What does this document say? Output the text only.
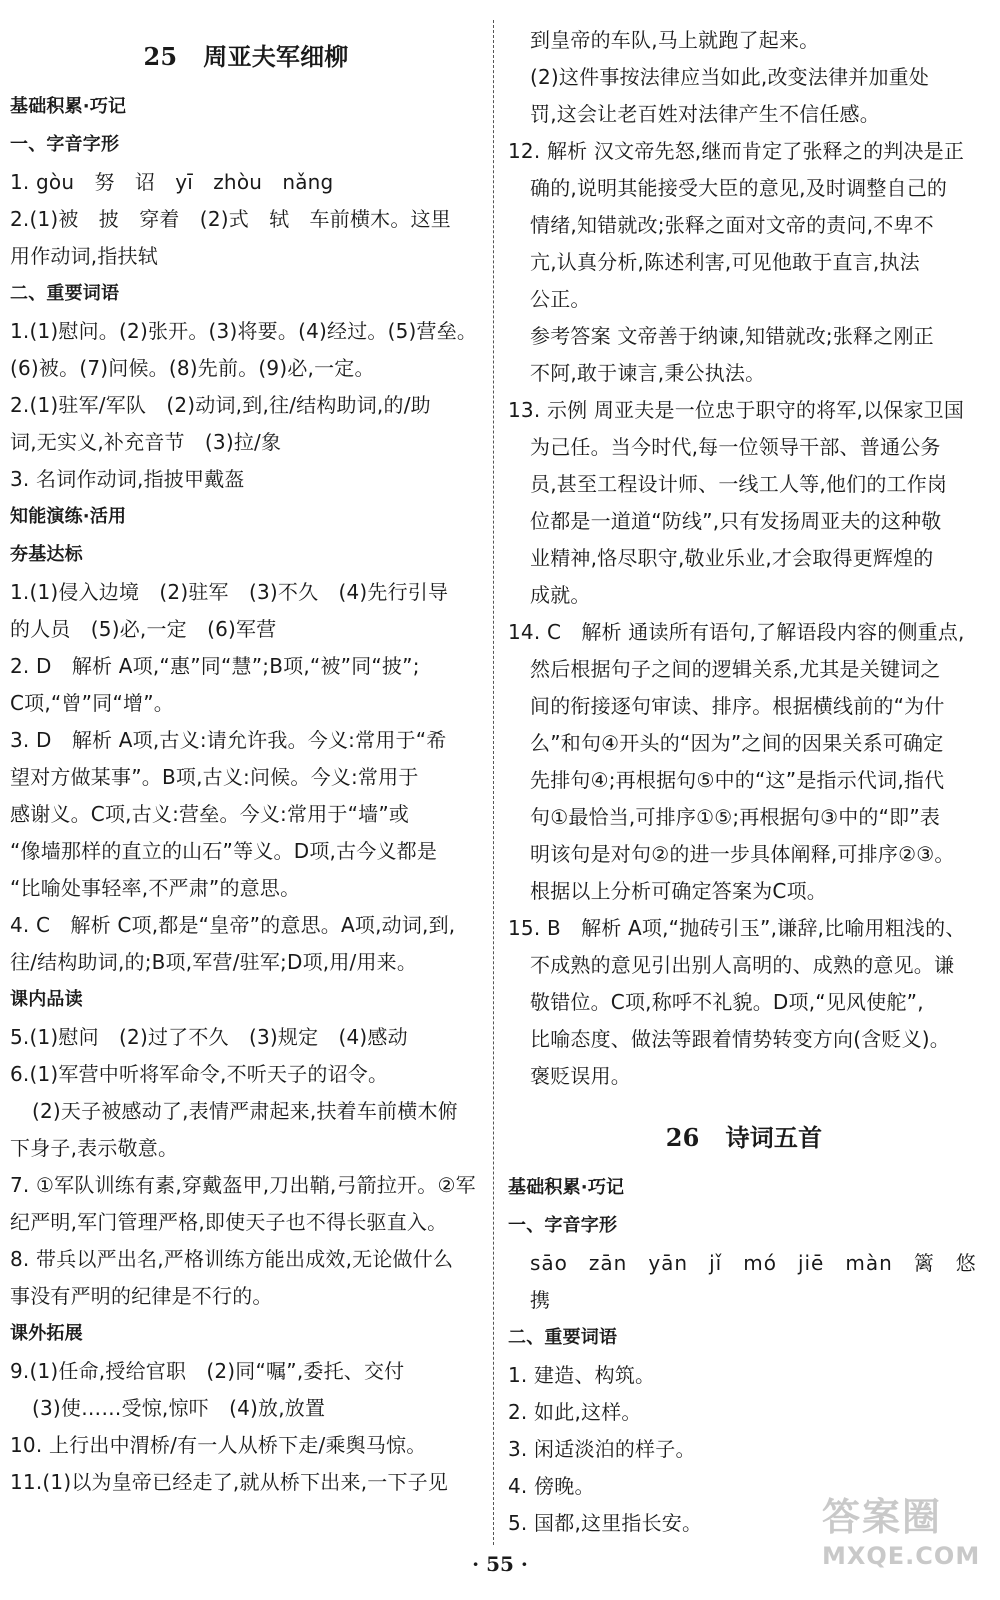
25 周亚夫军细柳
基础积累·巧记
一、字音字形
1. gòu　努　诏　yī　zhòu　nǎng
2.(1)被　披　穿着　(2)式　轼　车前横木。这里
用作动词,指扶轼
二、重要词语
1.(1)慰问。(2)张开。(3)将要。(4)经过。(5)营垒。
(6)被。(7)问候。(8)先前。(9)必,一定。
2.(1)驻军/军队　(2)动词,到,往/结构助词,的/助
词,无实义,补充音节　(3)拉/象
3. 名词作动词,指披甲戴盔
知能演练·活用
夯基达标
1.(1)侵入边境　(2)驻军　(3)不久　(4)先行引导
的人员　(5)必,一定　(6)军营
2. D　解析 A项,“惠”同“慧”;B项,“被”同“披”;
C项,“曾”同“增”。
3. D　解析 A项,古义:请允许我。今义:常用于“希
望对方做某事”。B项,古义:问候。今义:常用于
感谢义。C项,古义:营垒。今义:常用于“墙”或
“像墙那样的直立的山石”等义。D项,古今义都是
“比喻处事轻率,不严肃”的意思。
4. C　解析 C项,都是“皇帝”的意思。A项,动词,到,
往/结构助词,的;B项,军营/驻军;D项,用/用来。
课内品读
5.(1)慰问　(2)过了不久　(3)规定　(4)感动
6.(1)军营中听将军命令,不听天子的诏令。
(2)天子被感动了,表情严肃起来,扶着车前横木俯
下身子,表示敬意。
7. ①军队训练有素,穿戴盔甲,刀出鞘,弓箭拉开。②军
纪严明,军门管理严格,即使天子也不得长驱直入。
8. 带兵以严出名,严格训练方能出成效,无论做什么
事没有严明的纪律是不行的。
课外拓展
9.(1)任命,授给官职　(2)同“嘱”,委托、交付
(3)使……受惊,惊吓　(4)放,放置
10. 上行出中渭桥/有一人从桥下走/乘舆马惊。
11.(1)以为皇帝已经走了,就从桥下出来,一下子见
到皇帝的车队,马上就跑了起来。
(2)这件事按法律应当如此,改变法律并加重处
罚,这会让老百姓对法律产生不信任感。
12. 解析 汉文帝先怒,继而肯定了张释之的判决是正
确的,说明其能接受大臣的意见,及时调整自己的
情绪,知错就改;张释之面对文帝的责问,不卑不
亢,认真分析,陈述利害,可见他敢于直言,执法
公正。
参考答案 文帝善于纳谏,知错就改;张释之刚正
不阿,敢于谏言,秉公执法。
13. 示例 周亚夫是一位忠于职守的将军,以保家卫国
为己任。当今时代,每一位领导干部、普通公务
员,甚至工程设计师、一线工人等,他们的工作岗
位都是一道道“防线”,只有发扬周亚夫的这种敬
业精神,恪尽职守,敬业乐业,才会取得更辉煌的
成就。
14. C　解析 通读所有语句,了解语段内容的侧重点,
然后根据句子之间的逻辑关系,尤其是关键词之
间的衔接逐句审读、排序。根据横线前的“为什
么”和句④开头的“因为”之间的因果关系可确定
先排句④;再根据句⑤中的“这”是指示代词,指代
句①最恰当,可排序①⑤;再根据句③中的“即”表
明该句是对句②的进一步具体阐释,可排序②③。
根据以上分析可确定答案为C项。
15. B　解析 A项,“抛砖引玉”,谦辞,比喻用粗浅的、
不成熟的意见引出别人高明的、成熟的意见。谦
敬错位。C项,称呼不礼貌。D项,“见风使舵”,
比喻态度、做法等跟着情势转变方向(含贬义)。
褒贬误用。
26 诗词五首
基础积累·巧记
一、字音字形
sāo　zān　yān　jǐ　mó　jiē　màn　篱　悠　携
二、重要词语
1. 建造、构筑。
2. 如此,这样。
3. 闲适淡泊的样子。
4. 傍晚。
5. 国都,这里指长安。
· 55 ·
答案圈
MXQE.COM
